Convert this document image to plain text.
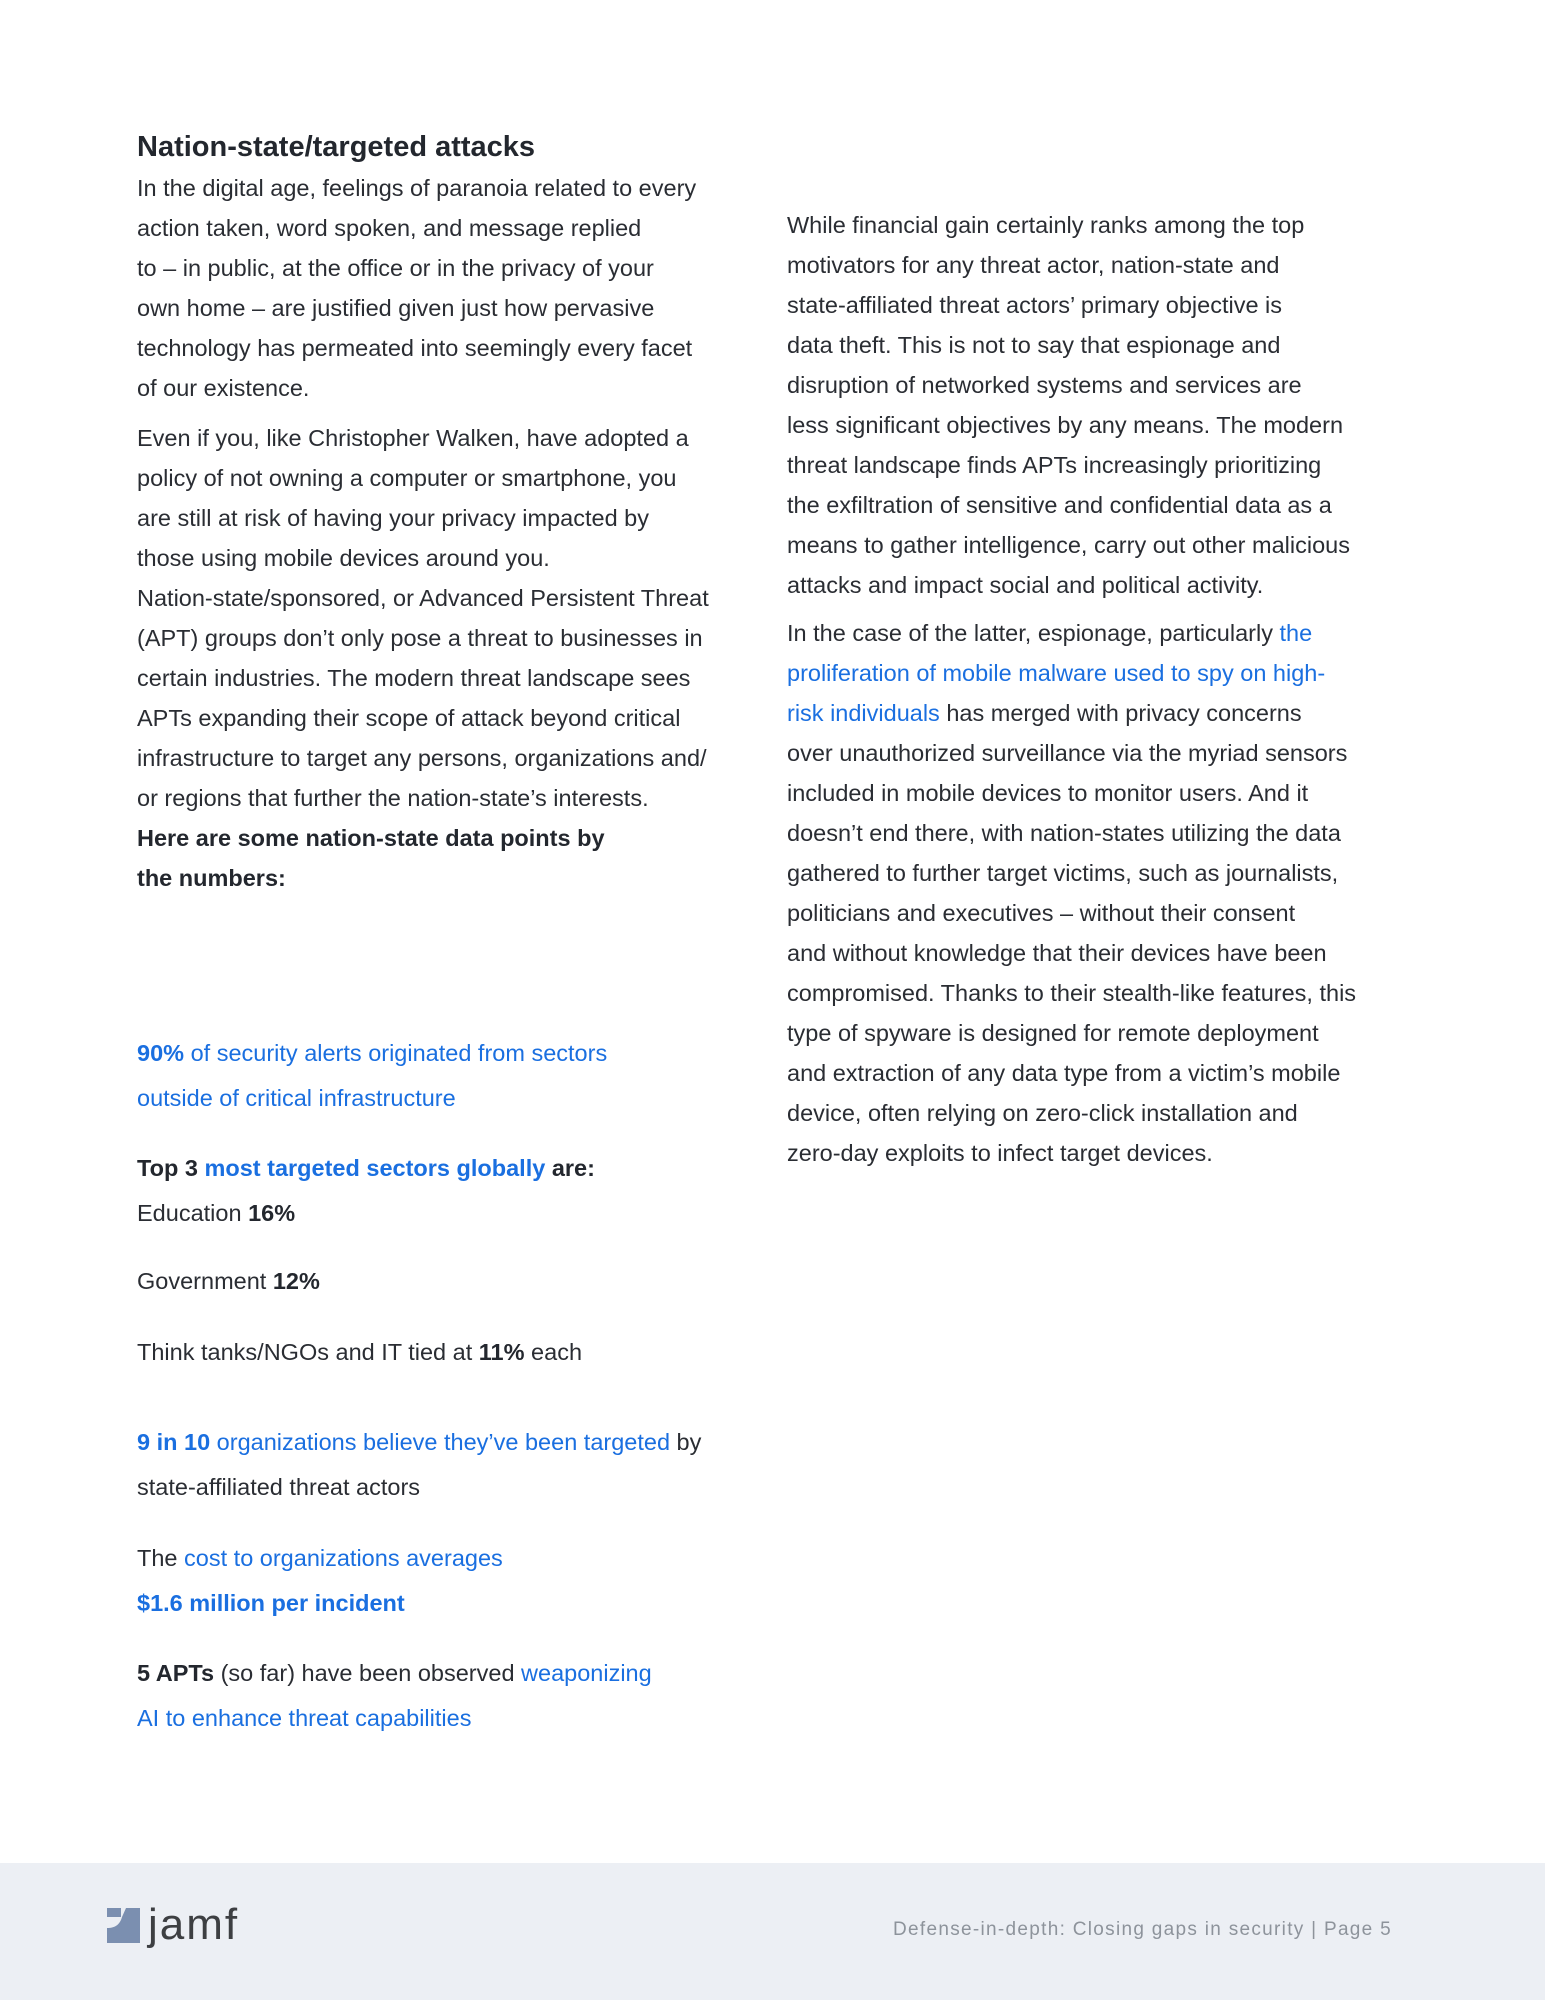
Nation-state/targeted attacks
In the digital age, feelings of paranoia related to every
action taken, word spoken, and message replied
to – in public, at the office or in the privacy of your
own home – are justified given just how pervasive
technology has permeated into seemingly every facet
of our existence.
Even if you, like Christopher Walken, have adopted a
policy of not owning a computer or smartphone, you
are still at risk of having your privacy impacted by
those using mobile devices around you.
Nation-state/sponsored, or Advanced Persistent Threat
(APT) groups don’t only pose a threat to businesses in
certain industries. The modern threat landscape sees
APTs expanding their scope of attack beyond critical
infrastructure to target any persons, organizations and/
or regions that further the nation-state’s interests.
Here are some nation-state data points by
the numbers:
90% of security alerts originated from sectors
outside of critical infrastructure
Top 3 most targeted sectors globally are:
Education 16%
Government 12%
Think tanks/NGOs and IT tied at 11% each
9 in 10 organizations believe they’ve been targeted by
state-affiliated threat actors
The cost to organizations averages
$1.6 million per incident
5 APTs (so far) have been observed weaponizing
AI to enhance threat capabilities
While financial gain certainly ranks among the top
motivators for any threat actor, nation-state and
state-affiliated threat actors’ primary objective is
data theft. This is not to say that espionage and
disruption of networked systems and services are
less significant objectives by any means. The modern
threat landscape finds APTs increasingly prioritizing
the exfiltration of sensitive and confidential data as a
means to gather intelligence, carry out other malicious
attacks and impact social and political activity.
In the case of the latter, espionage, particularly the
proliferation of mobile malware used to spy on high-
risk individuals has merged with privacy concerns
over unauthorized surveillance via the myriad sensors
included in mobile devices to monitor users. And it
doesn’t end there, with nation-states utilizing the data
gathered to further target victims, such as journalists,
politicians and executives – without their consent
and without knowledge that their devices have been
compromised. Thanks to their stealth-like features, this
type of spyware is designed for remote deployment
and extraction of any data type from a victim’s mobile
device, often relying on zero-click installation and
zero-day exploits to infect target devices.
jamf	Defense-in-depth: Closing gaps in security | Page 5
